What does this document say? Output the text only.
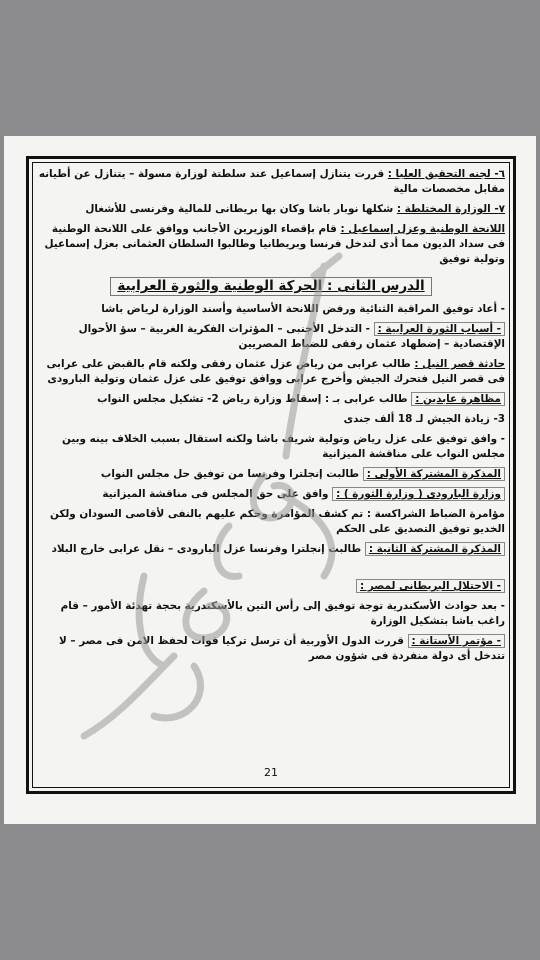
٦- لجنه التحقيق العليا : قررت يتنازل إسماعيل عند سلطتة لوزارة مسولة – يتنازل عن أطيانه مقابل مخصصات مالية
٧- الوزارة المختلطة : شكلها نوبار باشا وكان بها بريطانى للمالية وفرنسى للأشغال
اللانحة الوطنية وعزل إسماعيل : قام بإقصاء الوزيرين الأجانب ووافق على اللانحة الوطنية فى سداد الديون مما أدى لتدخل فرنسا وبريطانيا وطالبوا السلطان العثمانى بعزل إسماعيل وتولية توفيق
الدرس الثانى : الحركة الوطنية والثورة العرابية
- أعاد توفيق المراقبة الثنائية ورفض اللانحة الأساسية وأسند الوزارة لرياض باشا
- أسباب الثورة العرابية : - التدخل الأجنبى – المؤثرات الفكرية الغربية – سؤ الأحوال الإقتصادية – إضطهاد عثمان رفقى للضباط المصريين
حادثة قصر النيل : طالب عرابى من رياض عزل عثمان رفقى ولكنه قام بالقبض على عرابى فى قصر النيل فتحرك الجيش وأخرج عرابى ووافق توفيق على عزل عثمان وتولية البارودى
مظاهرة عابدين : طالب عرابى بـ : إسقاط وزارة رياض 2- تشكيل مجلس النواب
3- زيادة الجيش لـ 18 ألف جندى
- وافق توفيق على عزل رياض وتولية شريف باشا ولكنه استقال بسبب الخلاف بينه وبين مجلس النواب على مناقشة الميزانية
المذكرة المشتركة الأولى : طالبت إنجلترا وفرنسا من توفيق حل مجلس النواب
وزارة البارودى ( وزارة الثورة ) : وافق على حق المجلس فى مناقشة الميزانية
مؤامرة الضباط الشراكسة : تم كشف المؤامرة وحكم عليهم بالنفى لأقاصى السودان ولكن الخديو توفيق التصديق على الحكم
المذكرة المشتركة الثانية : طالبت إنجلترا وفرنسا عزل البارودى – نقل عرابى خارج البلاد
- الاحتلال البريطانى لمصر :
- بعد حوادث الأسكندرية توجة توفيق إلى رأس التين بالأسكندرية بحجة تهدئة الأمور – قام راغب باشا بتشكيل الوزارة
- مؤتمر الأستانة : قررت الدول الأوربية أن ترسل تركيا قوات لحفظ الامن فى مصر – لا تتدخل أى دولة منفردة فى شؤون مصر
21
